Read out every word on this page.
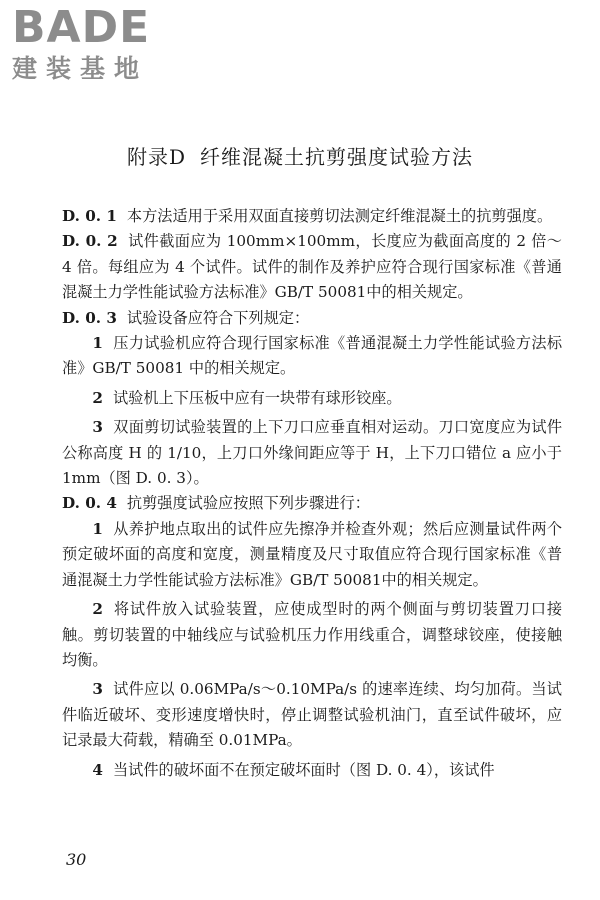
BADE
建装基地
附录D 纤维混凝土抗剪强度试验方法

D. 0. 1 本方法适用于采用双面直接剪切法测定纤维混凝土的抗剪强度。

D. 0. 2 试件截面应为 100mm×100mm，长度应为截面高度的 2 倍～4 倍。每组应为 4 个试件。试件的制作及养护应符合现行国家标准《普通混凝土力学性能试验方法标准》GB/T 50081中的相关规定。

D. 0. 3 试验设备应符合下列规定：

1 压力试验机应符合现行国家标准《普通混凝土力学性能试验方法标准》GB/T 50081 中的相关规定。

2 试验机上下压板中应有一块带有球形铰座。

3 双面剪切试验装置的上下刀口应垂直相对运动。刀口宽度应为试件公称高度 H 的 1/10，上刀口外缘间距应等于 H，上下刀口错位 a 应小于 1mm（图 D. 0. 3）。

D. 0. 4 抗剪强度试验应按照下列步骤进行：

1 从养护地点取出的试件应先擦净并检查外观；然后应测量试件两个预定破坏面的高度和宽度，测量精度及尺寸取值应符合现行国家标准《普通混凝土力学性能试验方法标准》GB/T 50081中的相关规定。

2 将试件放入试验装置，应使成型时的两个侧面与剪切装置刀口接触。剪切装置的中轴线应与试验机压力作用线重合，调整球铰座，使接触均衡。

3 试件应以 0.06MPa/s～0.10MPa/s 的速率连续、均匀加荷。当试件临近破坏、变形速度增快时，停止调整试验机油门，直至试件破坏，应记录最大荷载，精确至 0.01MPa。

4 当试件的破坏面不在预定破坏面时（图 D. 0. 4），该试件

30
